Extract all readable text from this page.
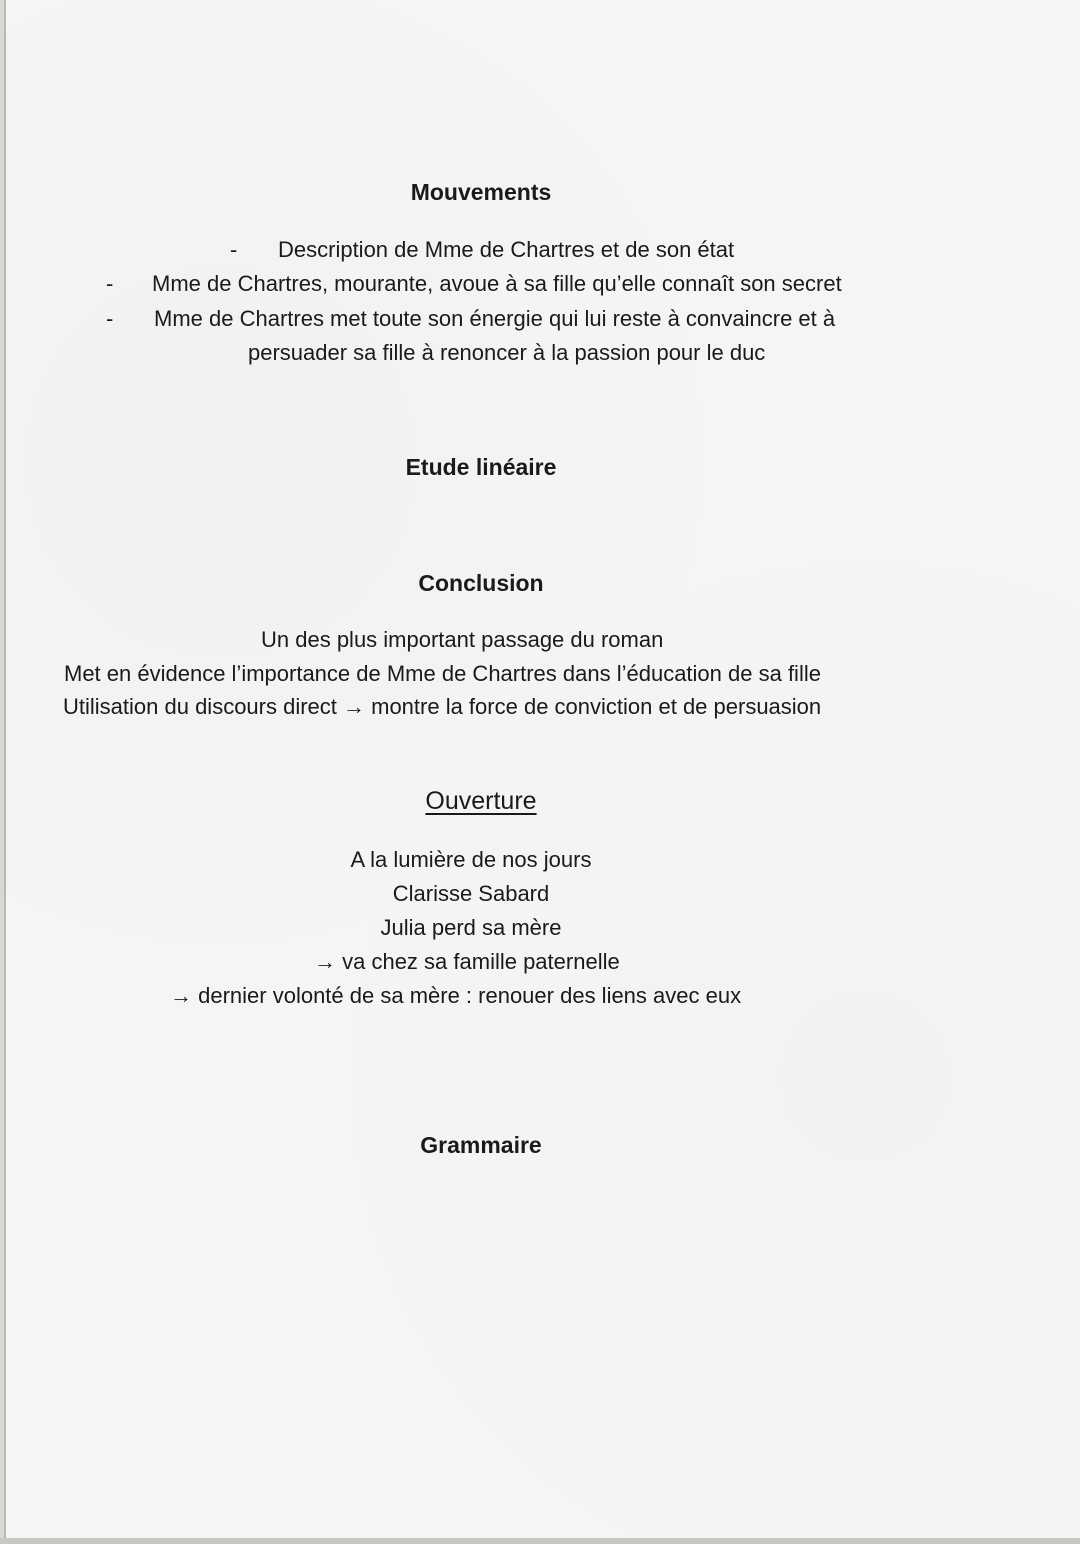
Mouvements
- Description de Mme de Chartres et de son état
- Mme de Chartres, mourante, avoue à sa fille qu’elle connaît son secret
- Mme de Chartres met toute son énergie qui lui reste à convaincre et à
persuader sa fille à renoncer à la passion pour le duc
Etude linéaire
Conclusion
Un des plus important passage du roman
Met en évidence l’importance de Mme de Chartres dans l’éducation de sa fille
Utilisation du discours direct → montre la force de conviction et de persuasion
Ouverture
A la lumière de nos jours
Clarisse Sabard
Julia perd sa mère
→ va chez sa famille paternelle
→ dernier volonté de sa mère : renouer des liens avec eux
Grammaire
